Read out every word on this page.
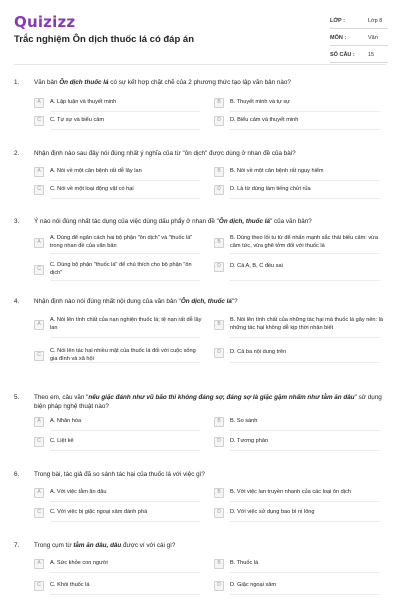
Quizizz
Trắc nghiệm Ôn dịch thuốc lá có đáp án
LỚP :	Lớp 8
MÔN :	Văn
SỐ CÂU : 15
1.	Văn bản Ôn dịch thuốc lá có sự kết hợp chặt chẽ của 2 phương thức tạo lập văn bản nào?
A	A. Lập luận và thuyết minh	B	B. Thuyết minh và tự sự
C	C. Tự sự và biểu cảm	D	D. Biểu cảm và thuyết minh
2.	Nhận định nào sau đây nói đúng nhất ý nghĩa của từ "ôn dịch" được dùng ở nhan đề của bài?
A	A. Nói về một căn bệnh rất dễ lây lan	B	B. Nói về một căn bệnh rất nguy hiểm
C	C. Nói về một loại động vật có hại	D	D. Là từ dùng làm tiếng chửi rủa
3.	Ý nào nói đúng nhất tác dụng của việc dùng dấu phẩy ở nhan đề "Ôn dịch, thuốc lá" của văn bản?
A
A. Dùng để ngăn cách hai bộ phận "ôn dịch" và "thuốc lá" trong nhan đề của văn bản
B
B. Dùng theo lối tu từ để nhấn mạnh sắc thái biểu cảm: vừa căm tức, vừa ghê tởm đối với thuốc lá
C
C. Dùng bộ phận "thuốc lá" để chú thích cho bộ phận "ôn dịch"
D	D. Cả A, B, C đều sai
4.	Nhận định nào nói đúng nhất nội dung của văn bản "Ôn dịch, thuốc lá"?
A
A. Nói lên tính chất của nạn nghiện thuốc lá; tệ nạn rất dễ lây lan
B
B. Nói lên tính chất của những tác hại mà thuốc lá gây nên: là những tác hại không dễ kịp thời nhận biết
C
C. Nói lên tác hại nhiều mặt của thuốc lá đối với cuộc sống gia đình và xã hội
D	D. Cả ba nội dung trên
5.	Theo em, câu văn "nếu giặc đánh như vũ bão thì không đáng sợ, đáng sợ là giặc gặm nhấm như tằm ăn dâu" sử dụng biện pháp nghệ thuật nào?
A	A. Nhân hóa	B	B. So sánh
C	C. Liệt kê	D	D. Tương phản
6.	Trong bài, tác giả đã so sánh tác hại của thuốc lá với việc gì?
A	A. Với việc tằm ăn dâu	B	B. Với việc lan truyền nhanh của các loại ôn dịch
C	C. Với việc bị giặc ngoại xâm đánh phá	D	D. Với việc sử dụng bao bì ni lông
7.	Trong cụm từ tằm ăn dâu, dâu được ví với cái gì?
A	A. Sức khỏe con người	B	B. Thuốc lá
C	C. Khói thuốc lá	D	D. Giặc ngoại xâm
